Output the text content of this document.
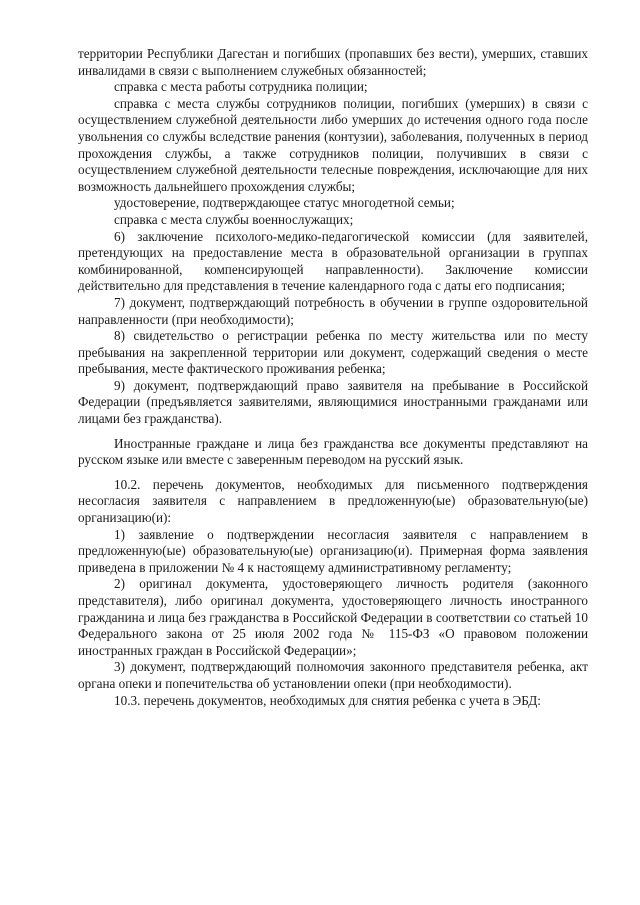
территории Республики Дагестан и погибших (пропавших без вести), умерших, ставших инвалидами в связи с выполнением служебных обязанностей;

справка с места работы сотрудника полиции;

справка с места службы сотрудников полиции, погибших (умерших) в связи с осуществлением служебной деятельности либо умерших до истечения одного года после увольнения со службы вследствие ранения (контузии), заболевания, полученных в период прохождения службы, а также сотрудников полиции, получивших в связи с осуществлением служебной деятельности телесные повреждения, исключающие для них возможность дальнейшего прохождения службы;

удостоверение, подтверждающее статус многодетной семьи;

справка с места службы военнослужащих;

6) заключение психолого-медико-педагогической комиссии (для заявителей, претендующих на предоставление места в образовательной организации в группах комбинированной, компенсирующей направленности). Заключение комиссии действительно для представления в течение календарного года с даты его подписания;

7) документ, подтверждающий потребность в обучении в группе оздоровительной направленности (при необходимости);

8) свидетельство о регистрации ребенка по месту жительства или по месту пребывания на закрепленной территории или документ, содержащий сведения о месте пребывания, месте фактического проживания ребенка;

9) документ, подтверждающий право заявителя на пребывание в Российской Федерации (предъявляется заявителями, являющимися иностранными гражданами или лицами без гражданства).

Иностранные граждане и лица без гражданства все документы представляют на русском языке или вместе с заверенным переводом на русский язык.

10.2. перечень документов, необходимых для письменного подтверждения несогласия заявителя с направлением в предложенную(ые) образовательную(ые) организацию(и):

1) заявление о подтверждении несогласия заявителя с направлением в предложенную(ые) образовательную(ые) организацию(и). Примерная форма заявления приведена в приложении № 4 к настоящему административному регламенту;

2) оригинал документа, удостоверяющего личность родителя (законного представителя), либо оригинал документа, удостоверяющего личность иностранного гражданина и лица без гражданства в Российской Федерации в соответствии со статьей 10 Федерального закона от 25 июля 2002 года № 115-ФЗ «О правовом положении иностранных граждан в Российской Федерации»;

3) документ, подтверждающий полномочия законного представителя ребенка, акт органа опеки и попечительства об установлении опеки (при необходимости).

10.3. перечень документов, необходимых для снятия ребенка с учета в ЭБД:
